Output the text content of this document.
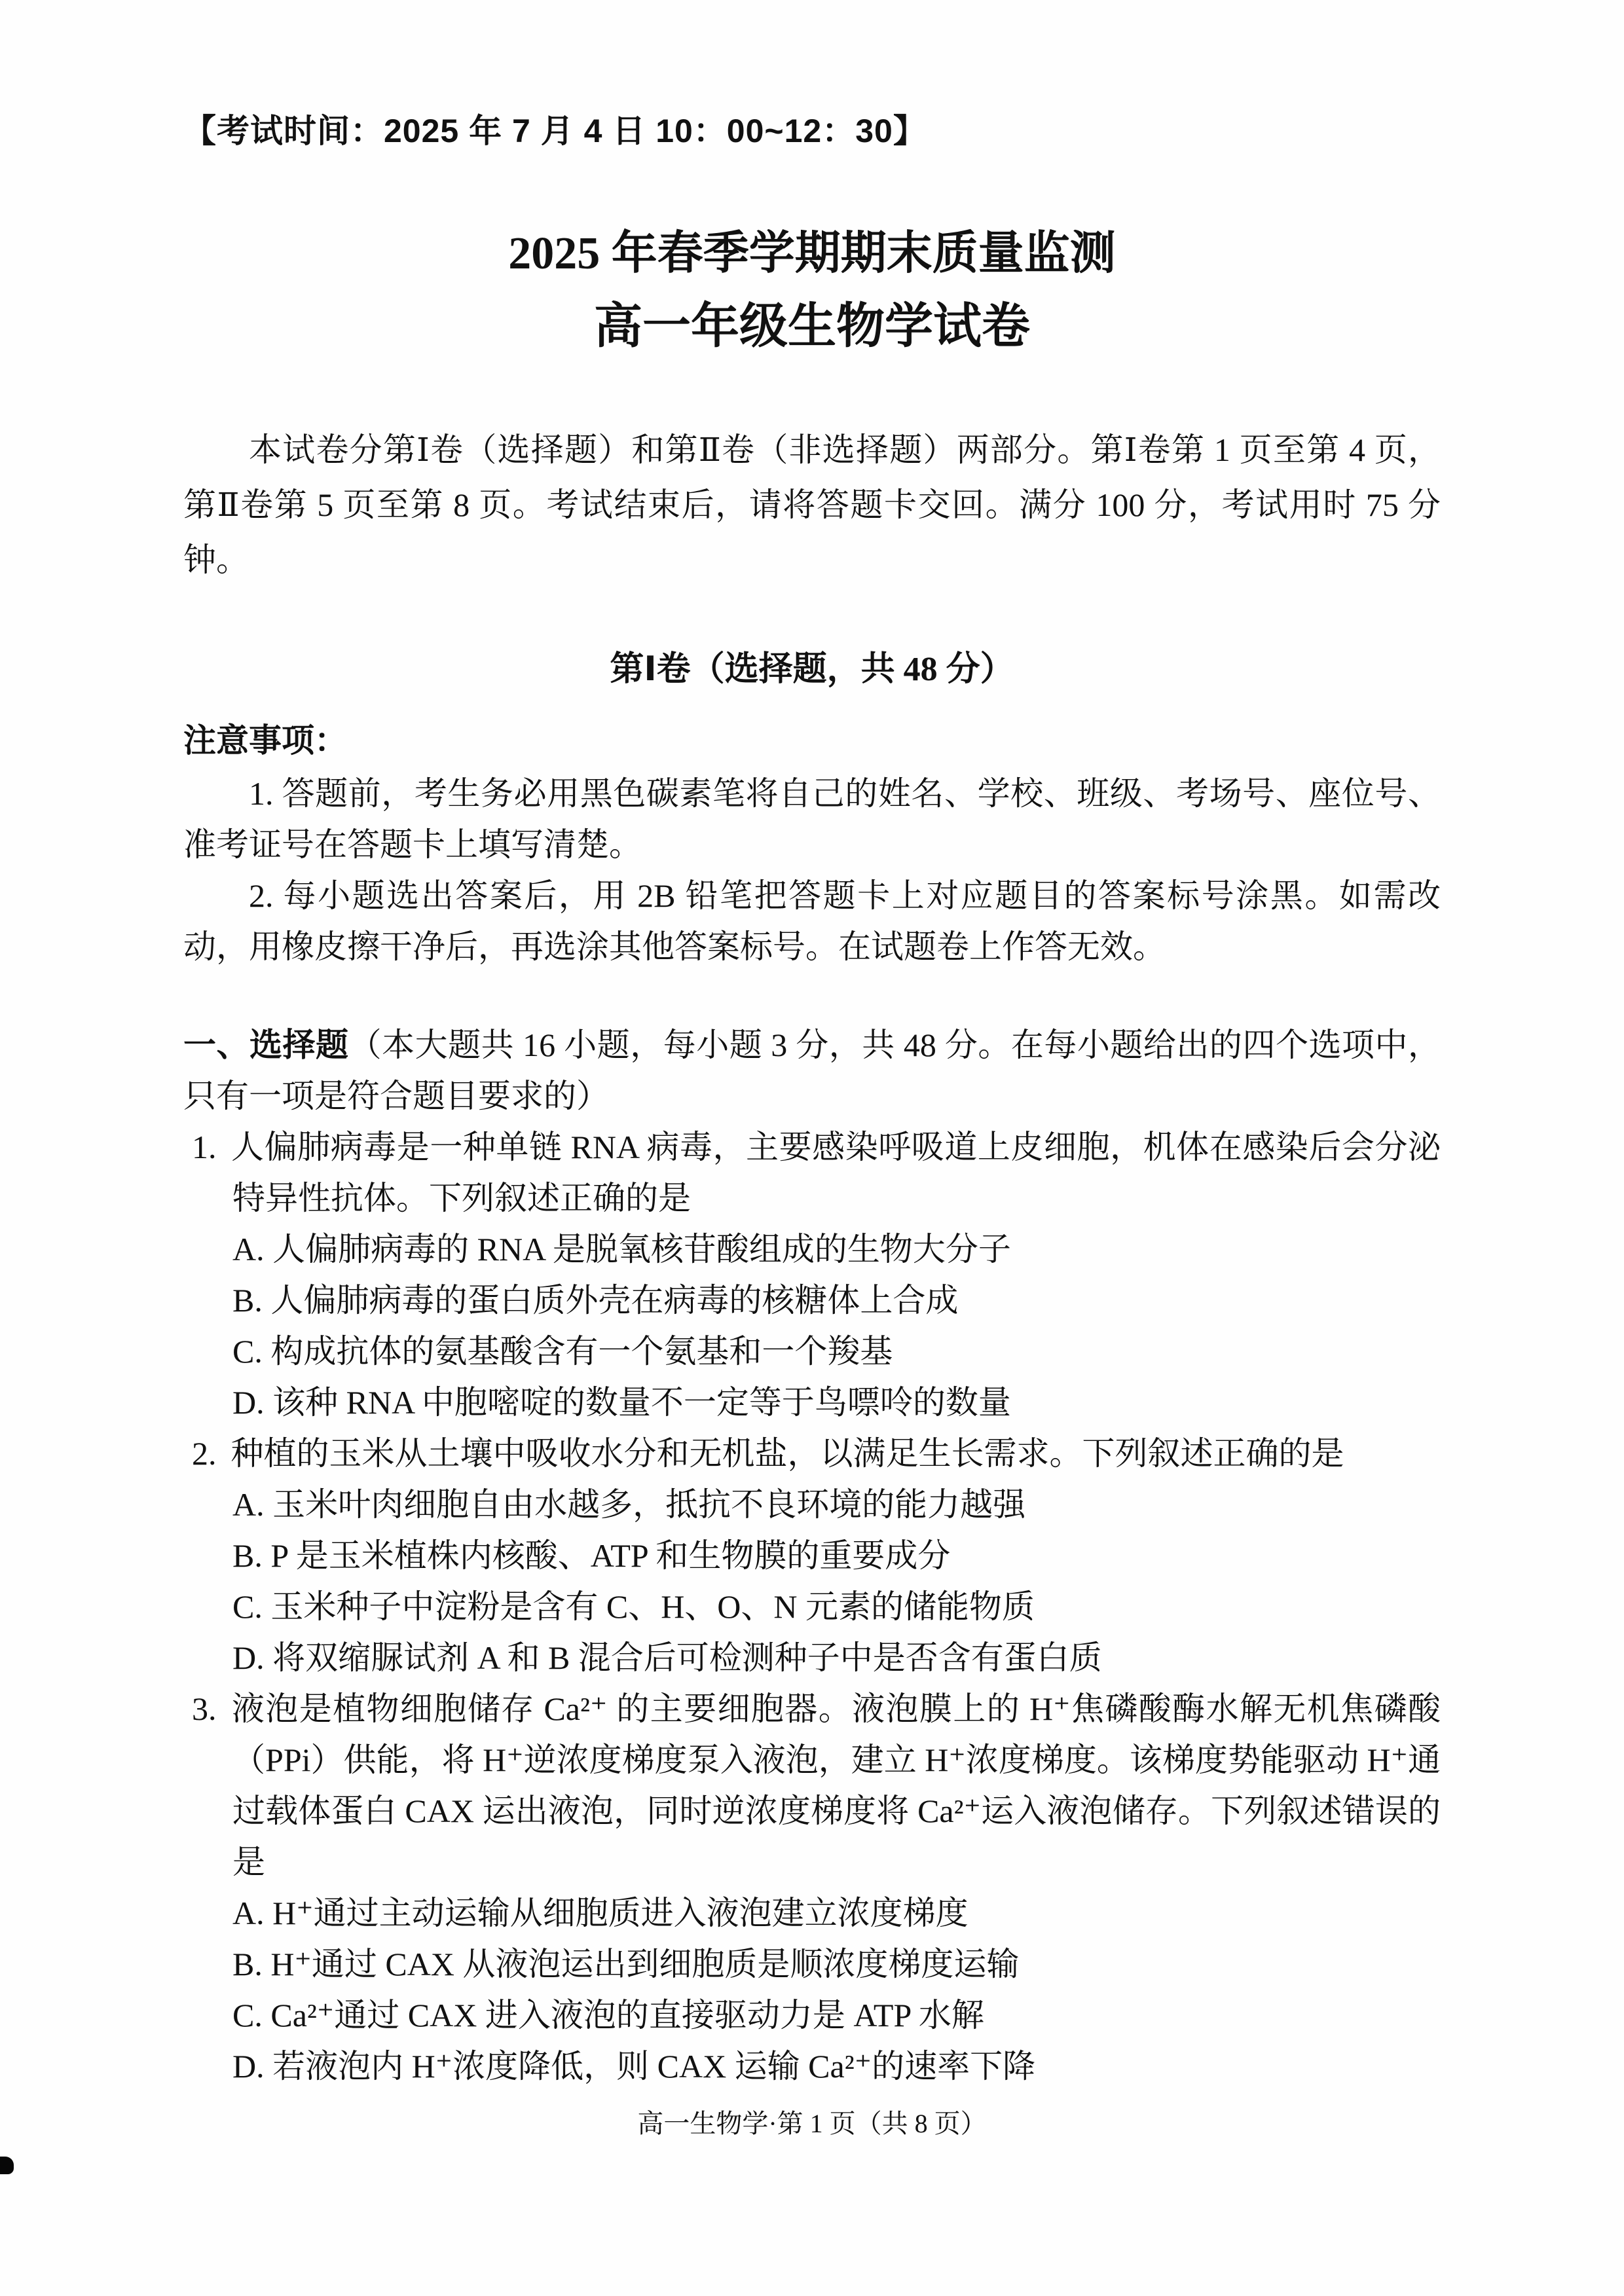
【考试时间：2025 年 7 月 4 日 10：00~12：30】

2025 年春季学期期末质量监测

高一年级生物学试卷

本试卷分第Ⅰ卷（选择题）和第Ⅱ卷（非选择题）两部分。第Ⅰ卷第 1 页至第 4 页，第Ⅱ卷第 5 页至第 8 页。考试结束后，请将答题卡交回。满分 100 分，考试用时 75 分钟。

第Ⅰ卷（选择题，共 48 分）

注意事项：

1. 答题前，考生务必用黑色碳素笔将自己的姓名、学校、班级、考场号、座位号、准考证号在答题卡上填写清楚。

2. 每小题选出答案后，用 2B 铅笔把答题卡上对应题目的答案标号涂黑。如需改动，用橡皮擦干净后，再选涂其他答案标号。在试题卷上作答无效。

一、选择题（本大题共 16 小题，每小题 3 分，共 48 分。在每小题给出的四个选项中，只有一项是符合题目要求的）

1. 人偏肺病毒是一种单链 RNA 病毒，主要感染呼吸道上皮细胞，机体在感染后会分泌特异性抗体。下列叙述正确的是

A. 人偏肺病毒的 RNA 是脱氧核苷酸组成的生物大分子
B. 人偏肺病毒的蛋白质外壳在病毒的核糖体上合成
C. 构成抗体的氨基酸含有一个氨基和一个羧基
D. 该种 RNA 中胞嘧啶的数量不一定等于鸟嘌呤的数量

2. 种植的玉米从土壤中吸收水分和无机盐，以满足生长需求。下列叙述正确的是

A. 玉米叶肉细胞自由水越多，抵抗不良环境的能力越强
B. P 是玉米植株内核酸、ATP 和生物膜的重要成分
C. 玉米种子中淀粉是含有 C、H、O、N 元素的储能物质
D. 将双缩脲试剂 A 和 B 混合后可检测种子中是否含有蛋白质

3. 液泡是植物细胞储存 Ca²⁺ 的主要细胞器。液泡膜上的 H⁺焦磷酸酶水解无机焦磷酸（PPi）供能，将 H⁺逆浓度梯度泵入液泡，建立 H⁺浓度梯度。该梯度势能驱动 H⁺通过载体蛋白 CAX 运出液泡，同时逆浓度梯度将 Ca²⁺运入液泡储存。下列叙述错误的是

A. H⁺通过主动运输从细胞质进入液泡建立浓度梯度
B. H⁺通过 CAX 从液泡运出到细胞质是顺浓度梯度运输
C. Ca²⁺通过 CAX 进入液泡的直接驱动力是 ATP 水解
D. 若液泡内 H⁺浓度降低，则 CAX 运输 Ca²⁺的速率下降

高一生物学·第 1 页（共 8 页）
